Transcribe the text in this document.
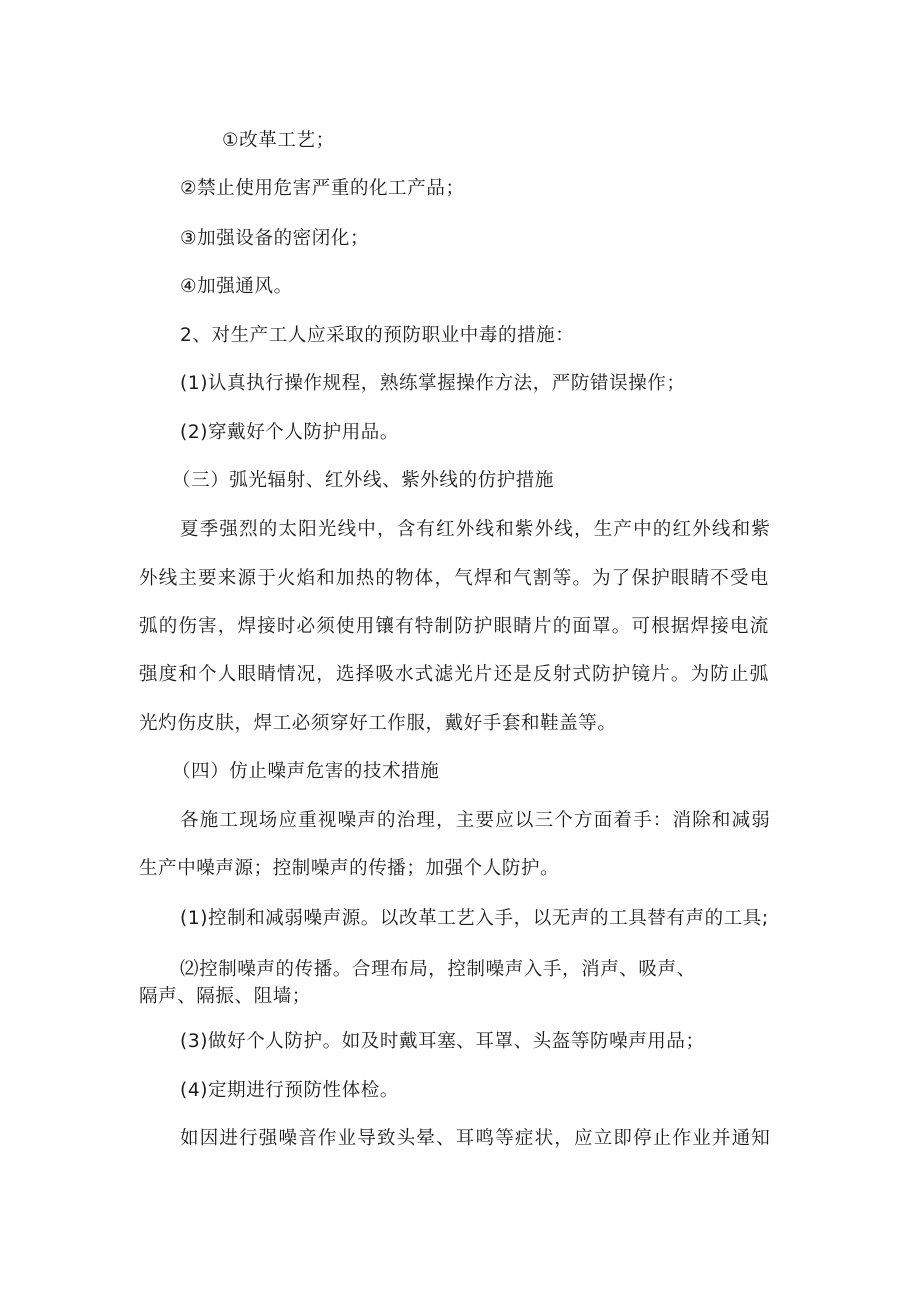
①改革工艺；
②禁止使用危害严重的化工产品；
③加强设备的密闭化；
④加强通风。
2、对生产工人应采取的预防职业中毒的措施：
(1)认真执行操作规程，熟练掌握操作方法，严防错误操作；
(2)穿戴好个人防护用品。
（三）弧光辐射、红外线、紫外线的仿护措施
夏季强烈的太阳光线中，含有红外线和紫外线，生产中的红外线和紫
外线主要来源于火焰和加热的物体，气焊和气割等。为了保护眼睛不受电
弧的伤害，焊接时必须使用镶有特制防护眼睛片的面罩。可根据焊接电流
强度和个人眼睛情况，选择吸水式滤光片还是反射式防护镜片。为防止弧
光灼伤皮肤，焊工必须穿好工作服，戴好手套和鞋盖等。
（四）仿止噪声危害的技术措施
各施工现场应重视噪声的治理，主要应以三个方面着手：消除和减弱
生产中噪声源；控制噪声的传播；加强个人防护。
(1)控制和减弱噪声源。以改革工艺入手，以无声的工具替有声的工具;
⑵控制噪声的传播。合理布局，控制噪声入手，消声、吸声、
隔声、隔振、阻墙；
(3)做好个人防护。如及时戴耳塞、耳罩、头盔等防噪声用品；
(4)定期进行预防性体检。
如因进行强噪音作业导致头晕、耳鸣等症状，应立即停止作业并通知
